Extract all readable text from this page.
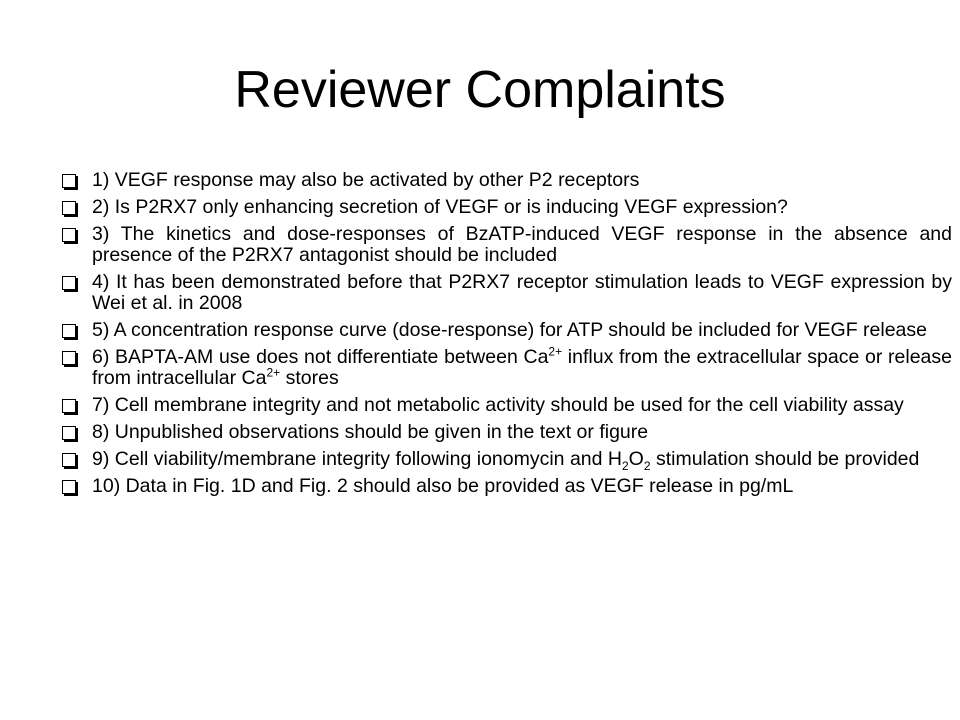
Reviewer Complaints
1) VEGF response may also be activated by other P2 receptors
2) Is P2RX7 only enhancing secretion of VEGF or is inducing VEGF expression?
3) The kinetics and dose-responses of BzATP-induced VEGF response in the absence and presence of the P2RX7 antagonist should be included
4) It has been demonstrated before that P2RX7 receptor stimulation leads to VEGF expression by Wei et al. in 2008
5) A concentration response curve (dose-response) for ATP should be included for VEGF release
6) BAPTA-AM use does not differentiate between $Ca^{2+}$ influx from the extracellular space or release from intracellular $Ca^{2+}$ stores
7) Cell membrane integrity and not metabolic activity should be used for the cell viability assay
8) Unpublished observations should be given in the text or figure
9) Cell viability/membrane integrity following ionomycin and $H_2O_2$ stimulation should be provided
10) Data in Fig. 1D and Fig. 2 should also be provided as VEGF release in pg/mL
